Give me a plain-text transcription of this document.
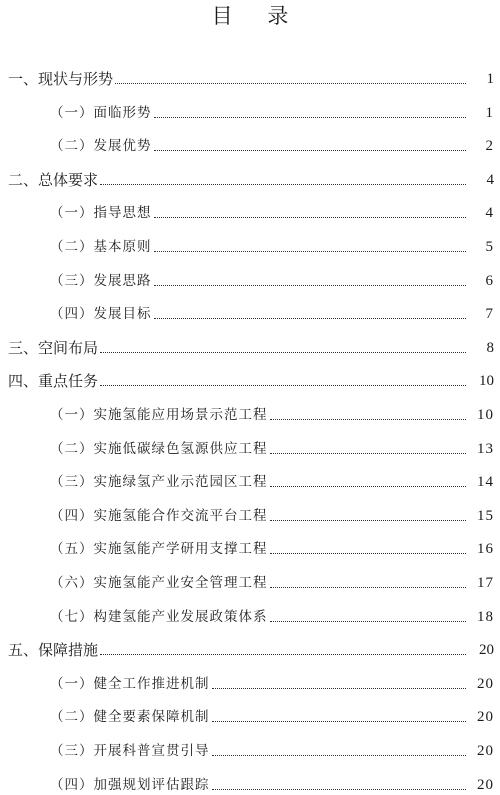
目 录
一、现状与形势	1
（一）面临形势	1
（二）发展优势	2
二、总体要求	4
（一）指导思想	4
（二）基本原则	5
（三）发展思路	6
（四）发展目标	7
三、空间布局	8
四、重点任务	10
（一）实施氢能应用场景示范工程	10
（二）实施低碳绿色氢源供应工程	13
（三）实施绿氢产业示范园区工程	14
（四）实施氢能合作交流平台工程	15
（五）实施氢能产学研用支撑工程	16
（六）实施氢能产业安全管理工程	17
（七）构建氢能产业发展政策体系	18
五、保障措施	20
（一）健全工作推进机制	20
（二）健全要素保障机制	20
（三）开展科普宣贯引导	20
（四）加强规划评估跟踪	20
